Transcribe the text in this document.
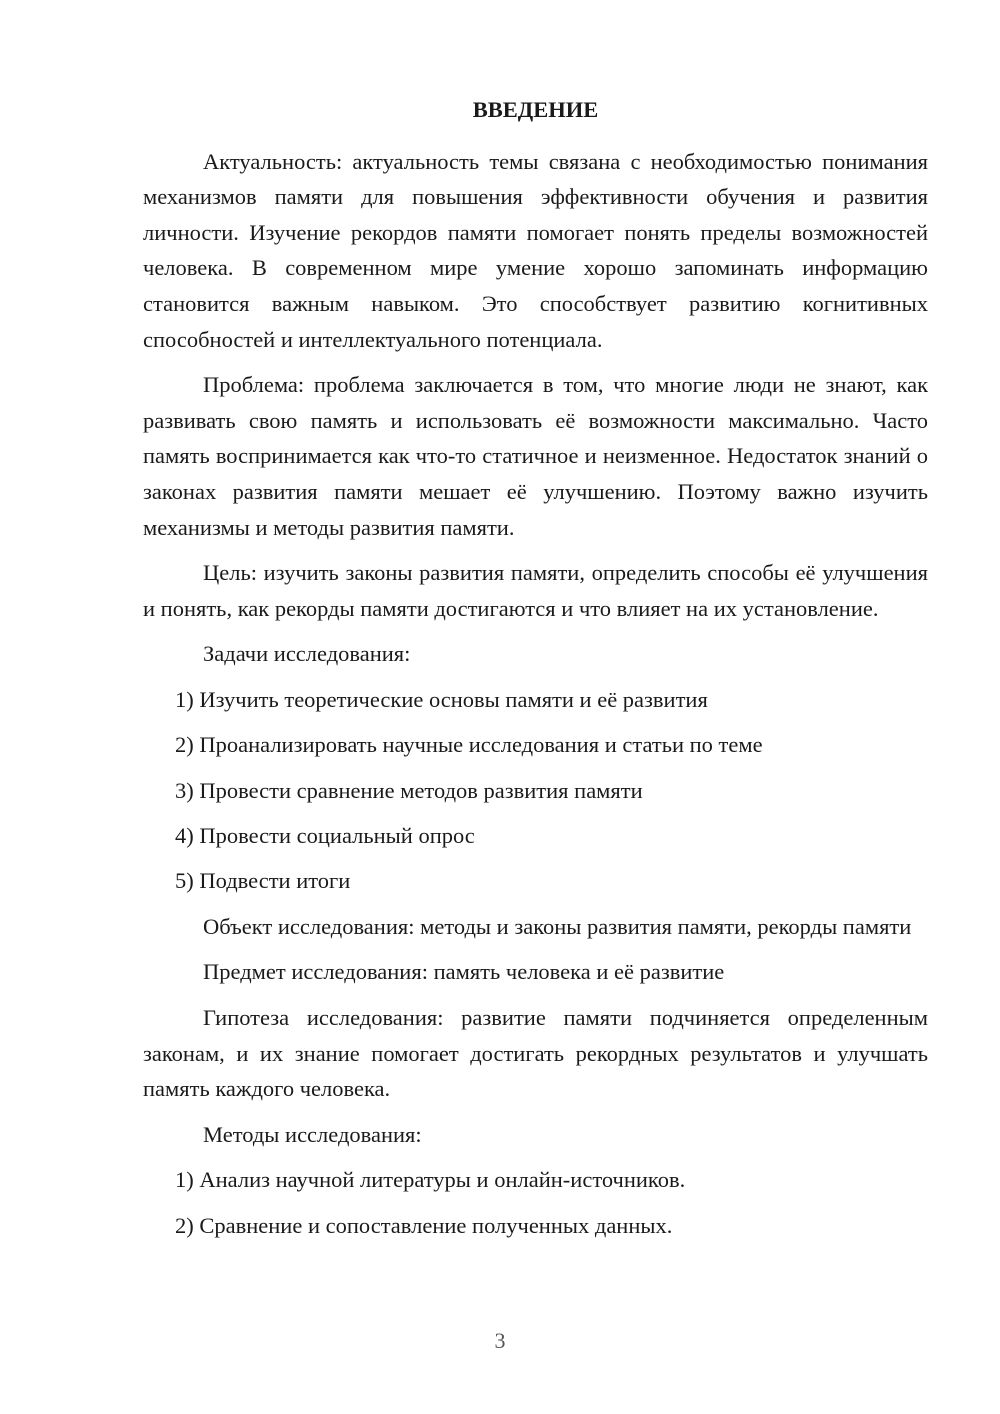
ВВЕДЕНИЕ

Актуальность: актуальность темы связана с необходимостью понимания механизмов памяти для повышения эффективности обучения и развития личности. Изучение рекордов памяти помогает понять пределы возможностей человека. В современном мире умение хорошо запоминать информацию становится важным навыком. Это способствует развитию когнитивных способностей и интеллектуального потенциала.

Проблема: проблема заключается в том, что многие люди не знают, как развивать свою память и использовать её возможности максимально. Часто память воспринимается как что-то статичное и неизменное. Недостаток знаний о законах развития памяти мешает её улучшению. Поэтому важно изучить механизмы и методы развития памяти.

Цель: изучить законы развития памяти, определить способы её улучшения и понять, как рекорды памяти достигаются и что влияет на их установление.

Задачи исследования:
1) Изучить теоретические основы памяти и её развития
2) Проанализировать научные исследования и статьи по теме
3) Провести сравнение методов развития памяти
4) Провести социальный опрос
5) Подвести итоги

Объект исследования: методы и законы развития памяти, рекорды памяти

Предмет исследования: память человека и её развитие

Гипотеза исследования: развитие памяти подчиняется определенным законам, и их знание помогает достигать рекордных результатов и улучшать память каждого человека.

Методы исследования:
1) Анализ научной литературы и онлайн-источников.
2) Сравнение и сопоставление полученных данных.
3
